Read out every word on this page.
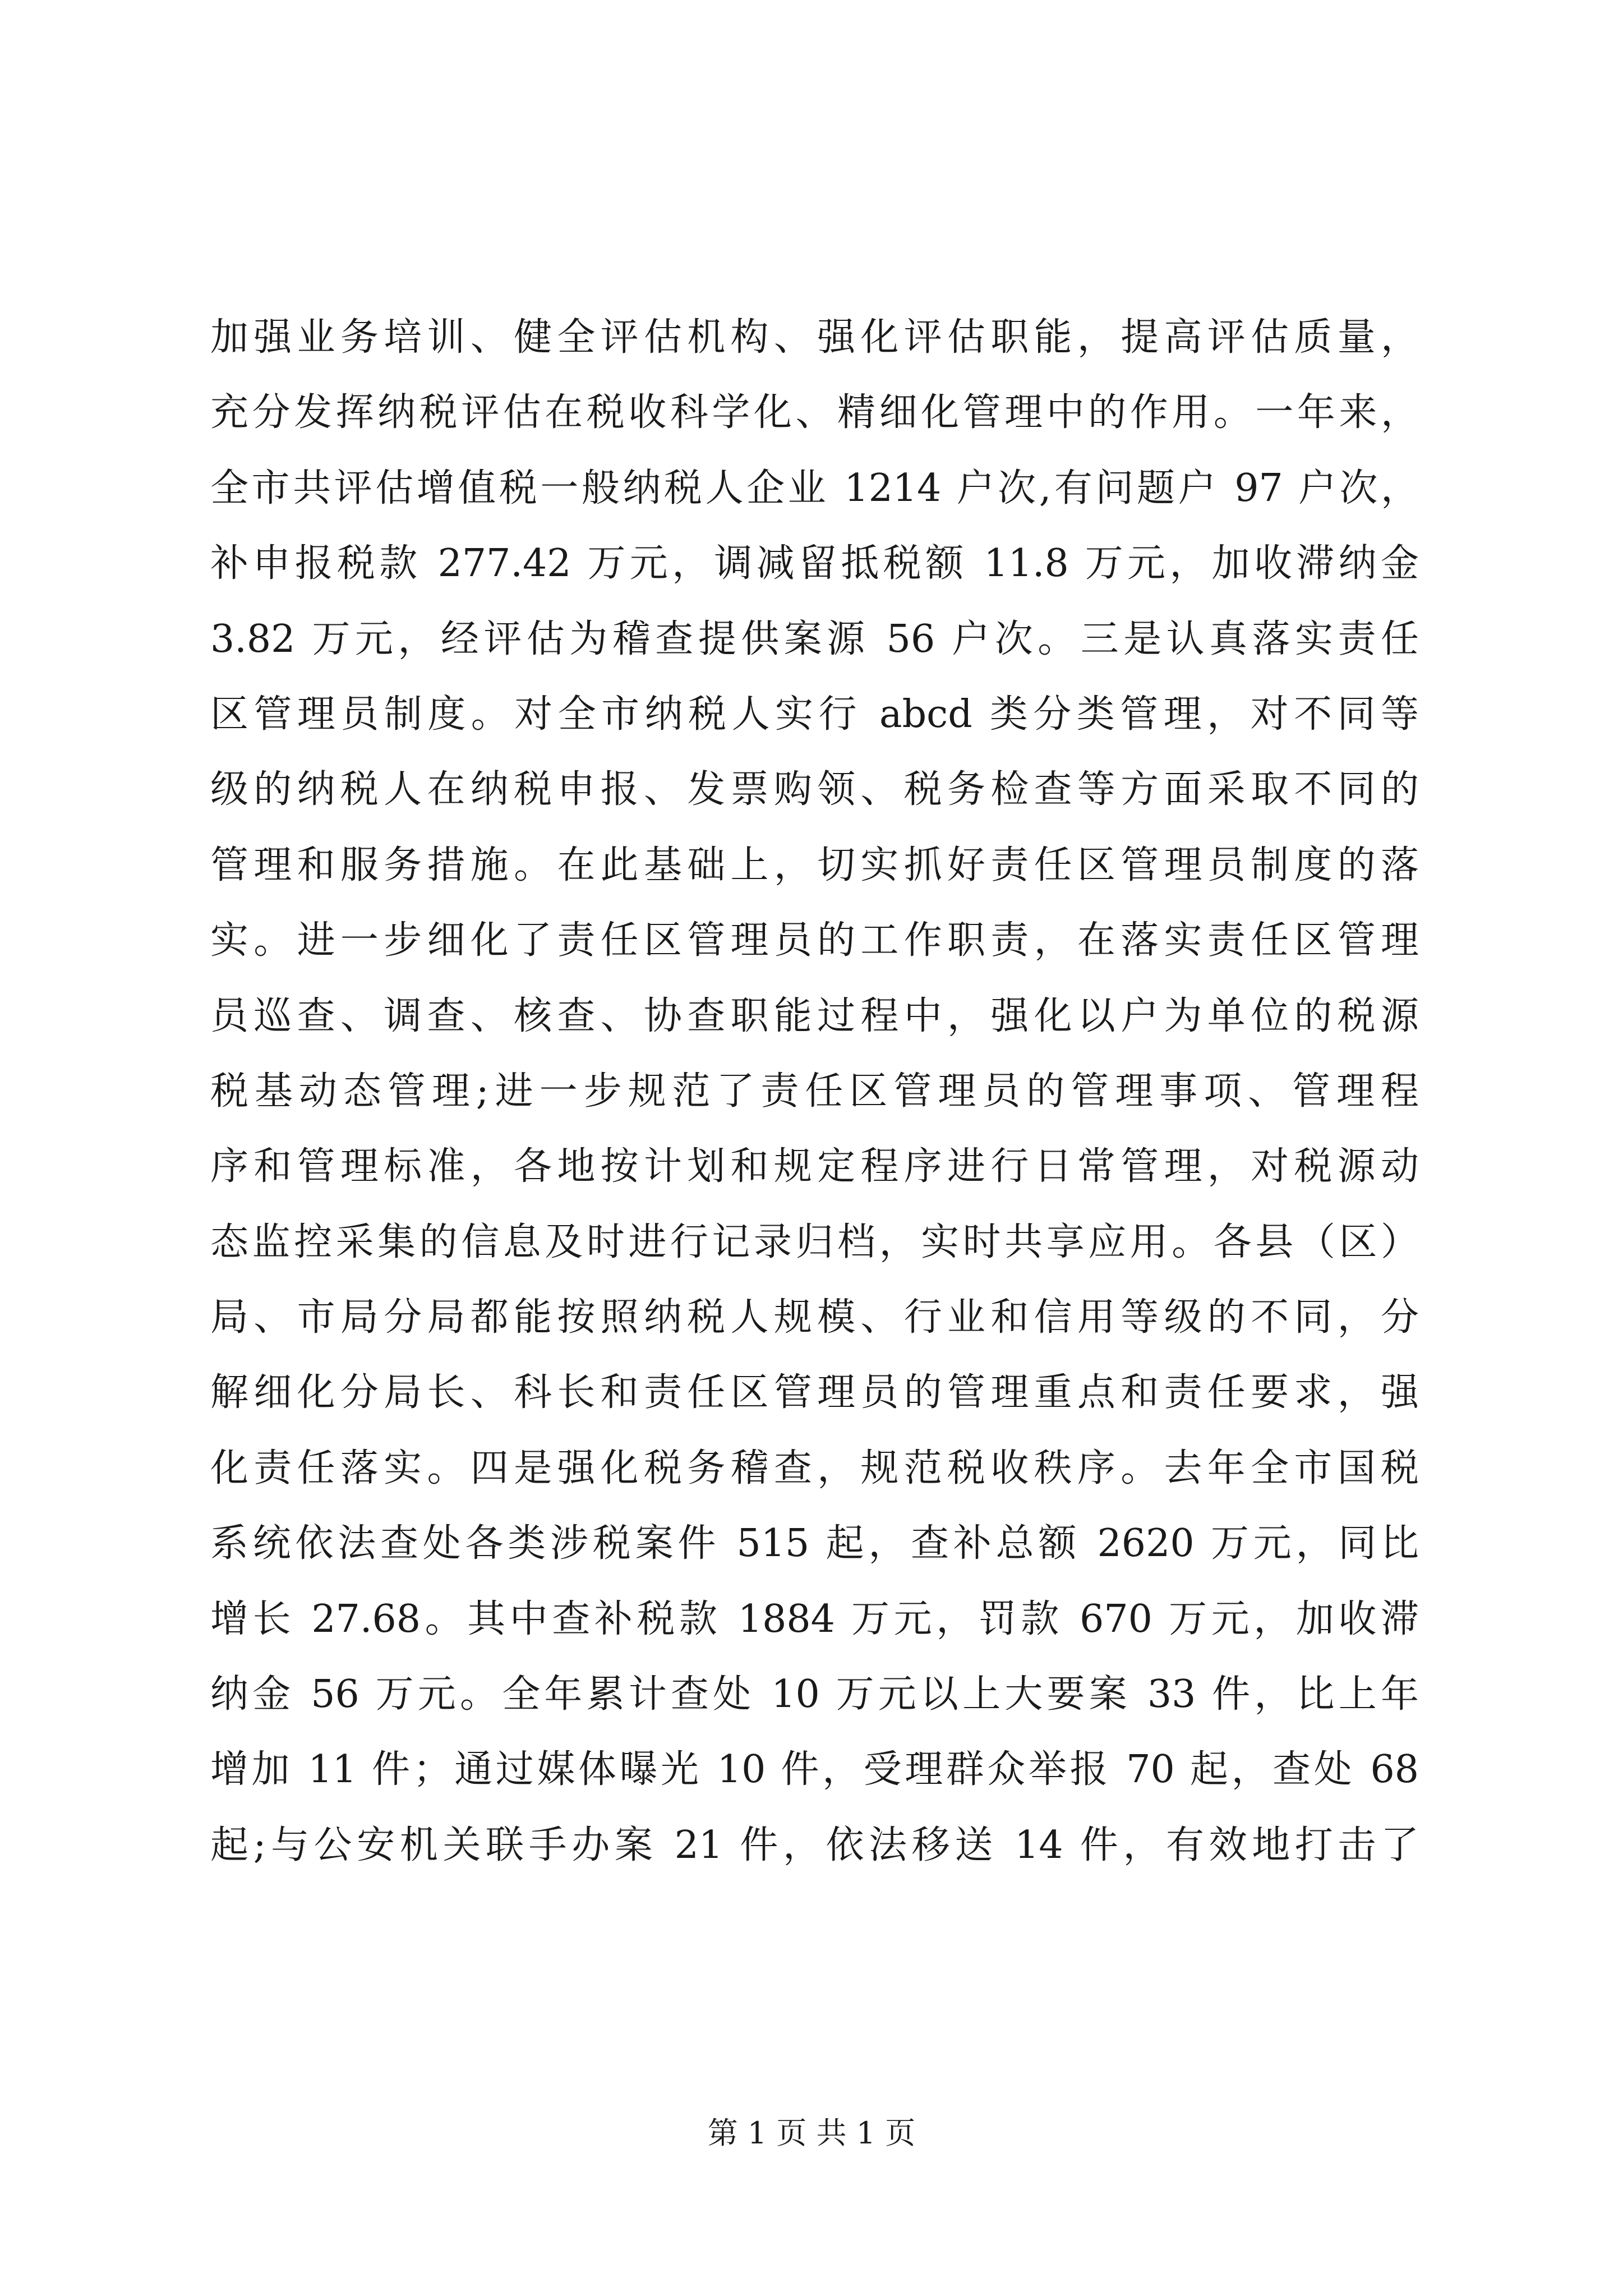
加强业务培训、健全评估机构、强化评估职能，提高评估质量，
充分发挥纳税评估在税收科学化、精细化管理中的作用。一年来，
全市共评估增值税一般纳税人企业 1214 户次,有问题户 97 户次，
补申报税款 277.42 万元，调减留抵税额 11.8 万元，加收滞纳金
3.82 万元，经评估为稽查提供案源 56 户次。三是认真落实责任
区管理员制度。对全市纳税人实行 abcd 类分类管理，对不同等
级的纳税人在纳税申报、发票购领、税务检查等方面采取不同的
管理和服务措施。在此基础上，切实抓好责任区管理员制度的落
实。进一步细化了责任区管理员的工作职责，在落实责任区管理
员巡查、调查、核查、协查职能过程中，强化以户为单位的税源
税基动态管理;进一步规范了责任区管理员的管理事项、管理程
序和管理标准，各地按计划和规定程序进行日常管理，对税源动
态监控采集的信息及时进行记录归档，实时共享应用。各县（区）
局、市局分局都能按照纳税人规模、行业和信用等级的不同，分
解细化分局长、科长和责任区管理员的管理重点和责任要求，强
化责任落实。四是强化税务稽查，规范税收秩序。去年全市国税
系统依法查处各类涉税案件 515 起，查补总额 2620 万元，同比
增长 27.68。其中查补税款 1884 万元，罚款 670 万元，加收滞
纳金 56 万元。全年累计查处 10 万元以上大要案 33 件，比上年
增加 11 件；通过媒体曝光 10 件，受理群众举报 70 起，查处 68
起;与公安机关联手办案 21 件，依法移送 14 件，有效地打击了
第 1 页 共 1 页
